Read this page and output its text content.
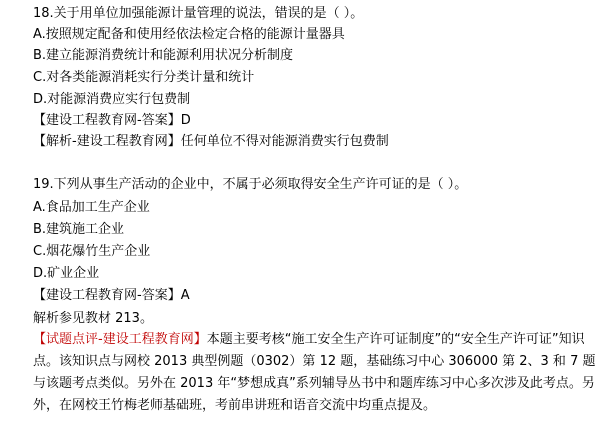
18.关于用单位加强能源计量管理的说法，错误的是（ ）。
A.按照规定配备和使用经依法检定合格的能源计量器具
B.建立能源消费统计和能源利用状况分析制度
C.对各类能源消耗实行分类计量和统计
D.对能源消费应实行包费制
【建设工程教育网-答案】D
【解析-建设工程教育网】任何单位不得对能源消费实行包费制
19.下列从事生产活动的企业中，不属于必须取得安全生产许可证的是（ ）。
A.食品加工生产企业
B.建筑施工企业
C.烟花爆竹生产企业
D.矿业企业
【建设工程教育网-答案】A
解析参见教材 213。
【试题点评-建设工程教育网】本题主要考核“施工安全生产许可证制度”的“安全生产许可证”知识点。该知识点与网校 2013 典型例题（0302）第 12 题，基础练习中心 306000 第 2、3 和 7 题与该题考点类似。另外在 2013 年“梦想成真”系列辅导丛书中和题库练习中心多次涉及此考点。另外，在网校王竹梅老师基础班，考前串讲班和语音交流中均重点提及。
